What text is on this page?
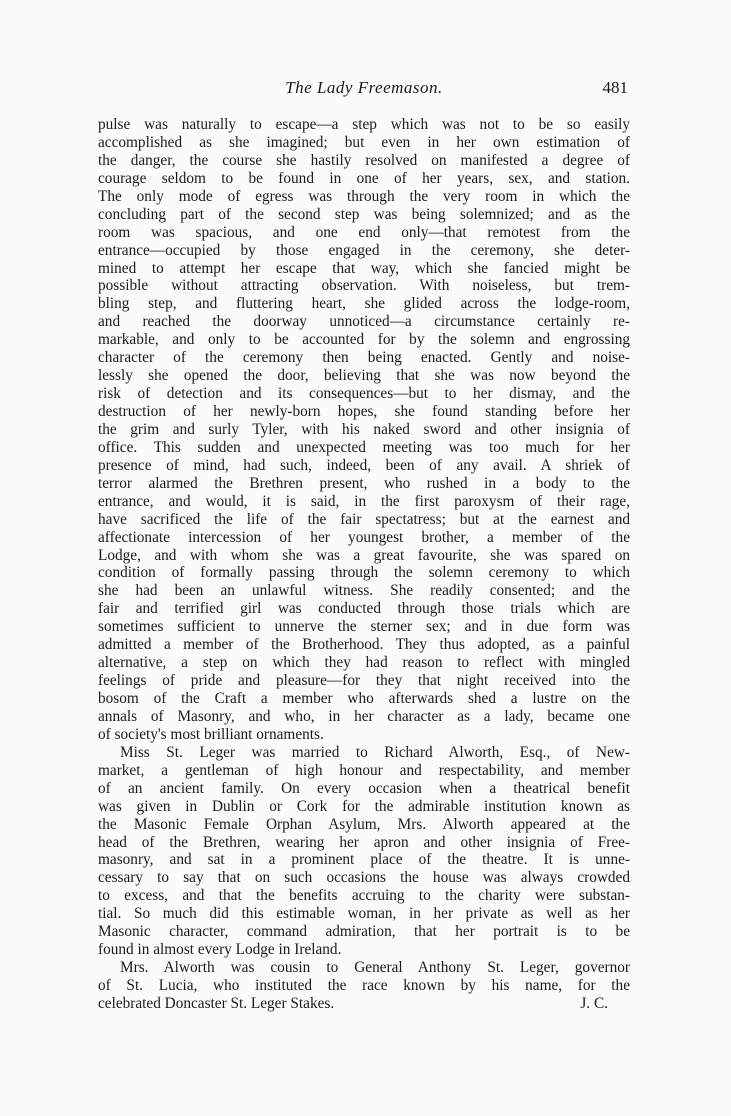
The Lady Freemason.	481
pulse was naturally to escape—a step which was not to be so easily
accomplished as she imagined; but even in her own estimation of
the danger, the course she hastily resolved on manifested a degree of
courage seldom to be found in one of her years, sex, and station.
The only mode of egress was through the very room in which the
concluding part of the second step was being solemnized; and as the
room was spacious, and one end only—that remotest from the
entrance—occupied by those engaged in the ceremony, she deter-
mined to attempt her escape that way, which she fancied might be
possible without attracting observation. With noiseless, but trem-
bling step, and fluttering heart, she glided across the lodge-room,
and reached the doorway unnoticed—a circumstance certainly re-
markable, and only to be accounted for by the solemn and engrossing
character of the ceremony then being enacted. Gently and noise-
lessly she opened the door, believing that she was now beyond the
risk of detection and its consequences—but to her dismay, and the
destruction of her newly-born hopes, she found standing before her
the grim and surly Tyler, with his naked sword and other insignia of
office. This sudden and unexpected meeting was too much for her
presence of mind, had such, indeed, been of any avail. A shriek of
terror alarmed the Brethren present, who rushed in a body to the
entrance, and would, it is said, in the first paroxysm of their rage,
have sacrificed the life of the fair spectatress; but at the earnest and
affectionate intercession of her youngest brother, a member of the
Lodge, and with whom she was a great favourite, she was spared on
condition of formally passing through the solemn ceremony to which
she had been an unlawful witness. She readily consented; and the
fair and terrified girl was conducted through those trials which are
sometimes sufficient to unnerve the sterner sex; and in due form was
admitted a member of the Brotherhood. They thus adopted, as a painful
alternative, a step on which they had reason to reflect with mingled
feelings of pride and pleasure—for they that night received into the
bosom of the Craft a member who afterwards shed a lustre on the
annals of Masonry, and who, in her character as a lady, became one
of society's most brilliant ornaments.
Miss St. Leger was married to Richard Alworth, Esq., of New-
market, a gentleman of high honour and respectability, and member
of an ancient family. On every occasion when a theatrical benefit
was given in Dublin or Cork for the admirable institution known as
the Masonic Female Orphan Asylum, Mrs. Alworth appeared at the
head of the Brethren, wearing her apron and other insignia of Free-
masonry, and sat in a prominent place of the theatre. It is unne-
cessary to say that on such occasions the house was always crowded
to excess, and that the benefits accruing to the charity were substan-
tial. So much did this estimable woman, in her private as well as her
Masonic character, command admiration, that her portrait is to be
found in almost every Lodge in Ireland.
Mrs. Alworth was cousin to General Anthony St. Leger, governor
of St. Lucia, who instituted the race known by his name, for the
celebrated Doncaster St. Leger Stakes.	J. C.
